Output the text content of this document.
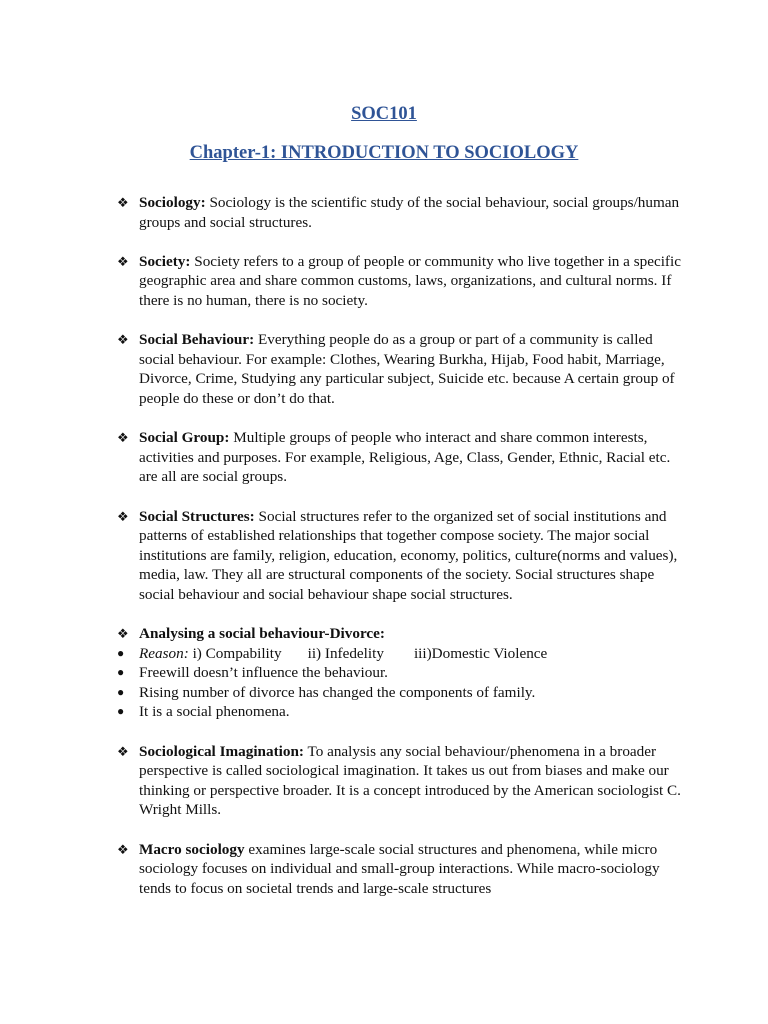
SOC101
Chapter-1: INTRODUCTION TO SOCIOLOGY

❖ Sociology: Sociology is the scientific study of the social behaviour, social groups/human groups and social structures.

❖ Society: Society refers to a group of people or community who live together in a specific geographic area and share common customs, laws, organizations, and cultural norms. If there is no human, there is no society.

❖ Social Behaviour: Everything people do as a group or part of a community is called social behaviour. For example: Clothes, Wearing Burkha, Hijab, Food habit, Marriage, Divorce, Crime, Studying any particular subject, Suicide etc. because A certain group of people do these or don’t do that.

❖ Social Group: Multiple groups of people who interact and share common interests, activities and purposes. For example, Religious, Age, Class, Gender, Ethnic, Racial etc. are all are social groups.

❖ Social Structures: Social structures refer to the organized set of social institutions and patterns of established relationships that together compose society. The major social institutions are family, religion, education, economy, politics, culture(norms and values), media, law. They all are structural components of the society. Social structures shape social behaviour and social behaviour shape social structures.

❖ Analysing a social behaviour-Divorce:

● Reason: i) Compability ii) Infedelity iii)Domestic Violence

● Freewill doesn’t influence the behaviour.

● Rising number of divorce has changed the components of family.

● It is a social phenomena.

❖ Sociological Imagination: To analysis any social behaviour/phenomena in a broader perspective is called sociological imagination. It takes us out from biases and make our thinking or perspective broader. It is a concept introduced by the American sociologist C. Wright Mills.

❖ Macro sociology examines large-scale social structures and phenomena, while micro sociology focuses on individual and small-group interactions. While macro-sociology tends to focus on societal trends and large-scale structures
